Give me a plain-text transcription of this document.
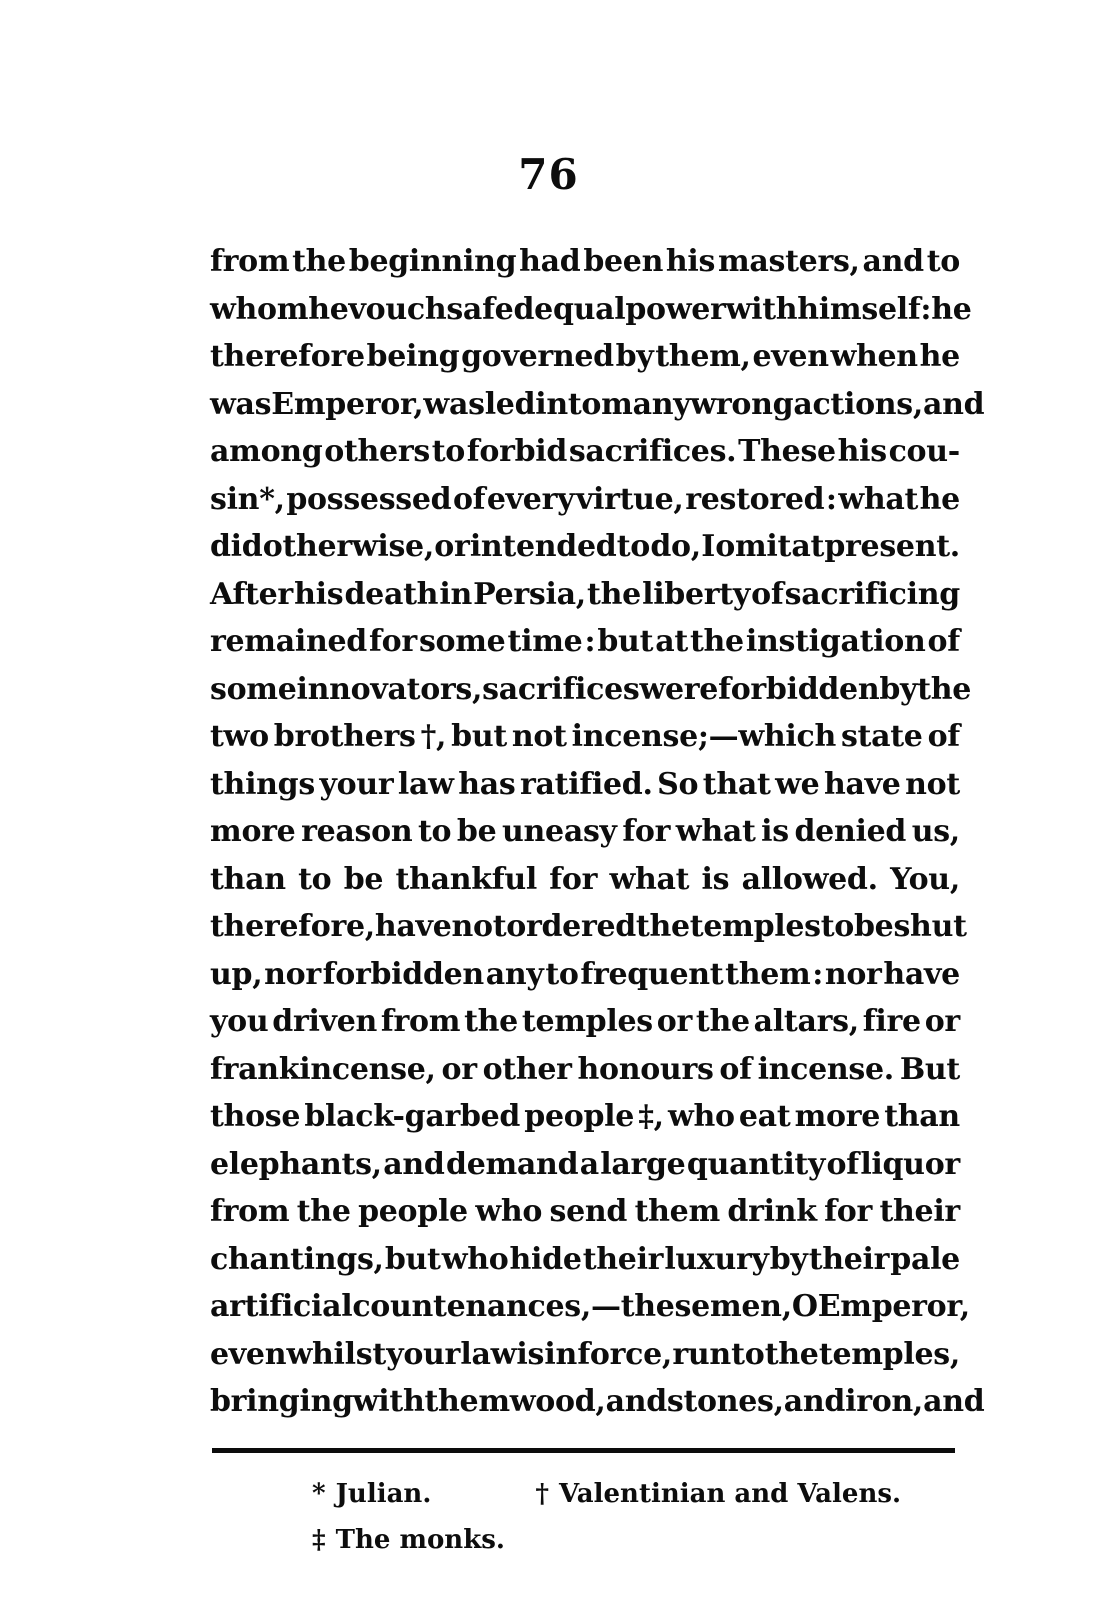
76
from the beginning had been his masters, and to
whom he vouchsafed equal power with himself: he
therefore being governed by them, even when he
was Emperor, was led into many wrong actions, and
among others to forbid sacrifices. These his cou-
sin*, possessed of every virtue, restored : what he
did otherwise, or intended to do, I omit at present.
After his death in Persia, the liberty of sacrificing
remained for some time : but at the instigation of
some innovators, sacrifices were forbidden by the
two brothers †, but not incense;—which state of
things your law has ratified. So that we have not
more reason to be uneasy for what is denied us,
than to be thankful for what is allowed. You,
therefore, have not ordered the temples to be shut
up, nor forbidden any to frequent them : nor have
you driven from the temples or the altars, fire or
frankincense, or other honours of incense. But
those black-garbed people ‡, who eat more than
elephants, and demand a large quantity of liquor
from the people who send them drink for their
chantings, but who hide their luxury by their pale
artificial countenances,—these men, O Emperor,
even whilst your law is in force, run to the temples,
bringing with them wood, and stones, and iron, and
* Julian.	† Valentinian and Valens.
‡ The monks.
